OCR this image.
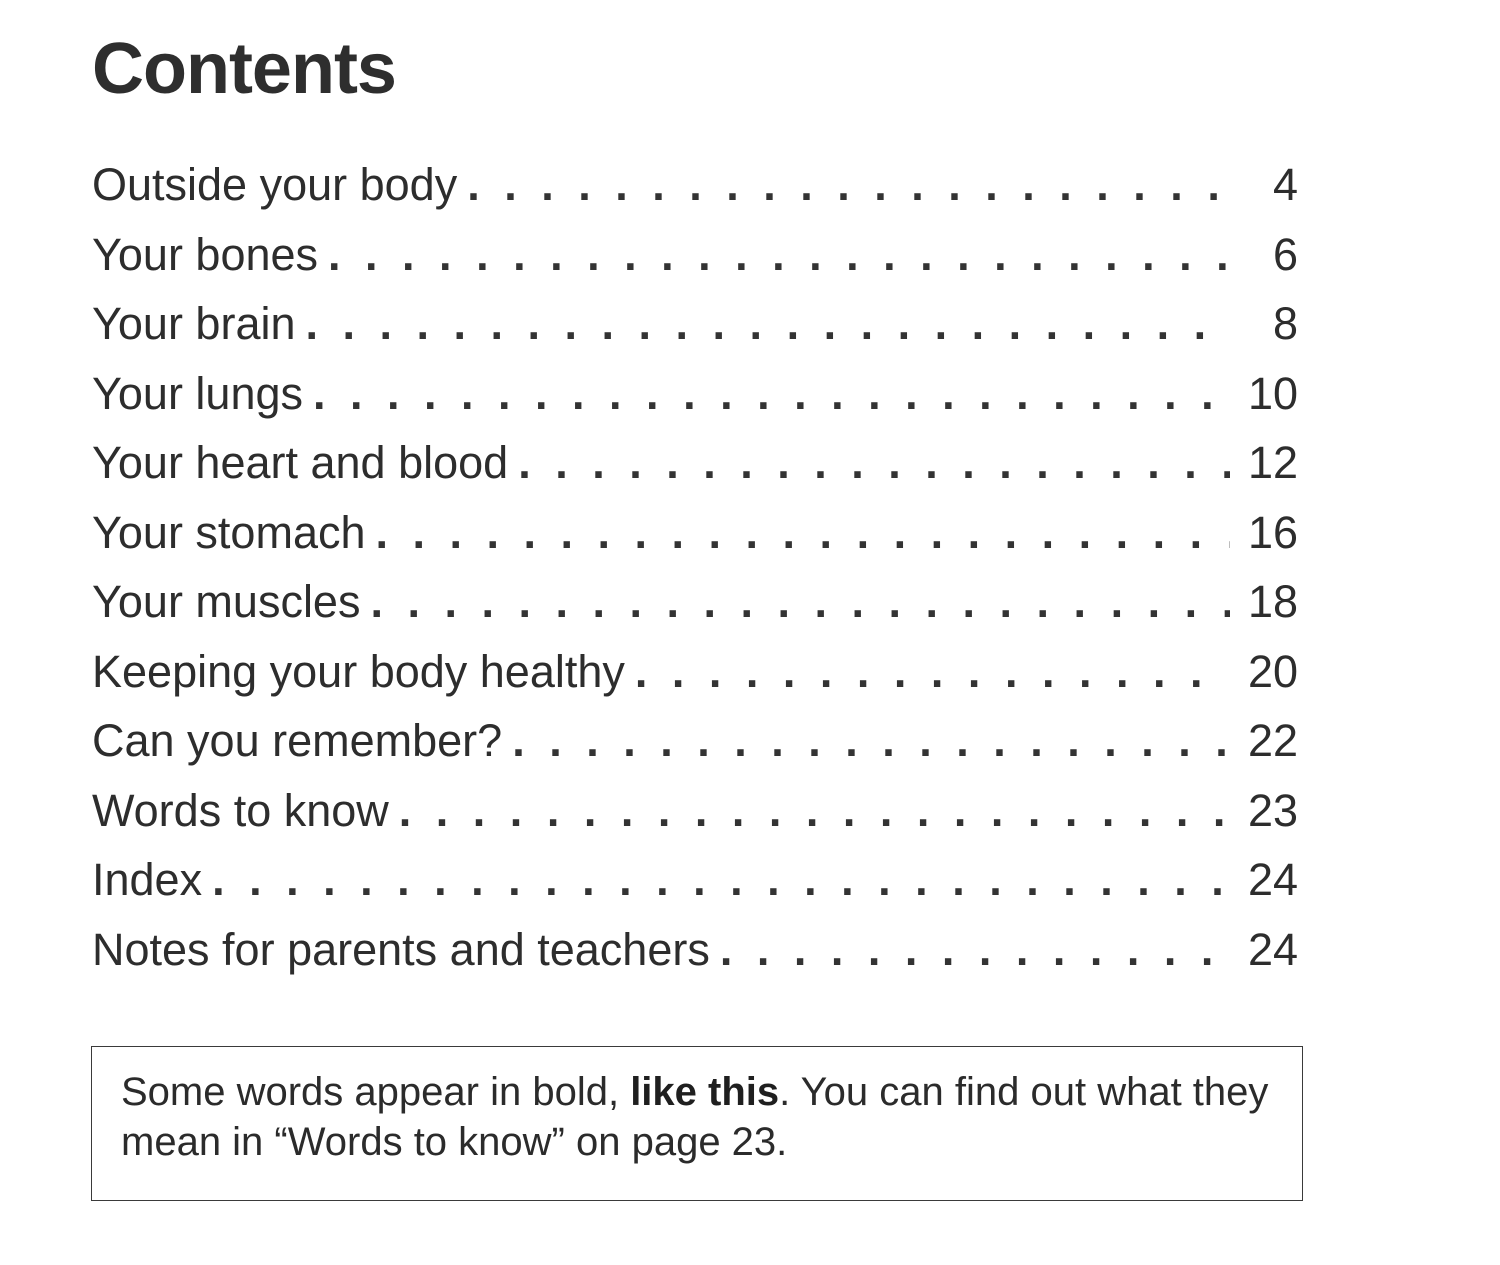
Contents
Outside your body . . .	4
Your bones . . .	6
Your brain . . .	8
Your lungs . . .	10
Your heart and blood . . .	12
Your stomach . . .	16
Your muscles . . .	18
Keeping your body healthy . . .	20
Can you remember? . . .	22
Words to know . . .	23
Index . . .	24
Notes for parents and teachers . . .	24
Some words appear in bold, like this. You can find out what they mean in “Words to know” on page 23.
